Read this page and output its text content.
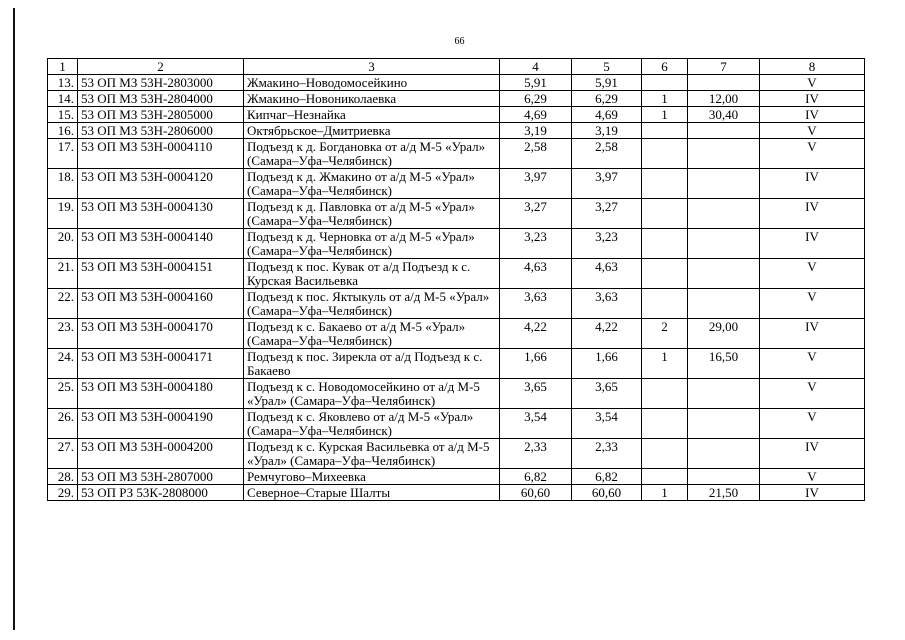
66
1	2	3	4	5	6	7	8
13.	53 ОП МЗ 53Н-2803000	Жмакино–Новодомосейкино	5,91	5,91			V
14.	53 ОП МЗ 53Н-2804000	Жмакино–Новониколаевка	6,29	6,29	1	12,00	IV
15.	53 ОП МЗ 53Н-2805000	Кипчаг–Незнайка	4,69	4,69	1	30,40	IV
16.	53 ОП МЗ 53Н-2806000	Октябрьское–Дмитриевка	3,19	3,19			V
17.	53 ОП МЗ 53Н-0004110	Подъезд к д. Богдановка от а/д М-5 «Урал» (Самара–Уфа–Челябинск)	2,58	2,58			V
18.	53 ОП МЗ 53Н-0004120	Подъезд к д. Жмакино от а/д М-5 «Урал» (Самара–Уфа–Челябинск)	3,97	3,97			IV
19.	53 ОП МЗ 53Н-0004130	Подъезд к д. Павловка от а/д М-5 «Урал» (Самара–Уфа–Челябинск)	3,27	3,27			IV
20.	53 ОП МЗ 53Н-0004140	Подъезд к д. Черновка от а/д М-5 «Урал» (Самара–Уфа–Челябинск)	3,23	3,23			IV
21.	53 ОП МЗ 53Н-0004151	Подъезд к пос. Кувак от а/д Подъезд к с. Курская Васильевка	4,63	4,63			V
22.	53 ОП МЗ 53Н-0004160	Подъезд к пос. Яктыкуль от а/д М-5 «Урал» (Самара–Уфа–Челябинск)	3,63	3,63			V
23.	53 ОП МЗ 53Н-0004170	Подъезд к с. Бакаево от а/д М-5 «Урал» (Самара–Уфа–Челябинск)	4,22	4,22	2	29,00	IV
24.	53 ОП МЗ 53Н-0004171	Подъезд к пос. Зирекла от а/д Подъезд к с. Бакаево	1,66	1,66	1	16,50	V
25.	53 ОП МЗ 53Н-0004180	Подъезд к с. Новодомосейкино от а/д М-5 «Урал» (Самара–Уфа–Челябинск)	3,65	3,65			V
26.	53 ОП МЗ 53Н-0004190	Подъезд к с. Яковлево от а/д М-5 «Урал» (Самара–Уфа–Челябинск)	3,54	3,54			V
27.	53 ОП МЗ 53Н-0004200	Подъезд к с. Курская Васильевка от а/д М-5 «Урал» (Самара–Уфа–Челябинск)	2,33	2,33			IV
28.	53 ОП МЗ 53Н-2807000	Ремчугово–Михеевка	6,82	6,82			V
29.	53 ОП РЗ 53К-2808000	Северное–Старые Шалты	60,60	60,60	1	21,50	IV
